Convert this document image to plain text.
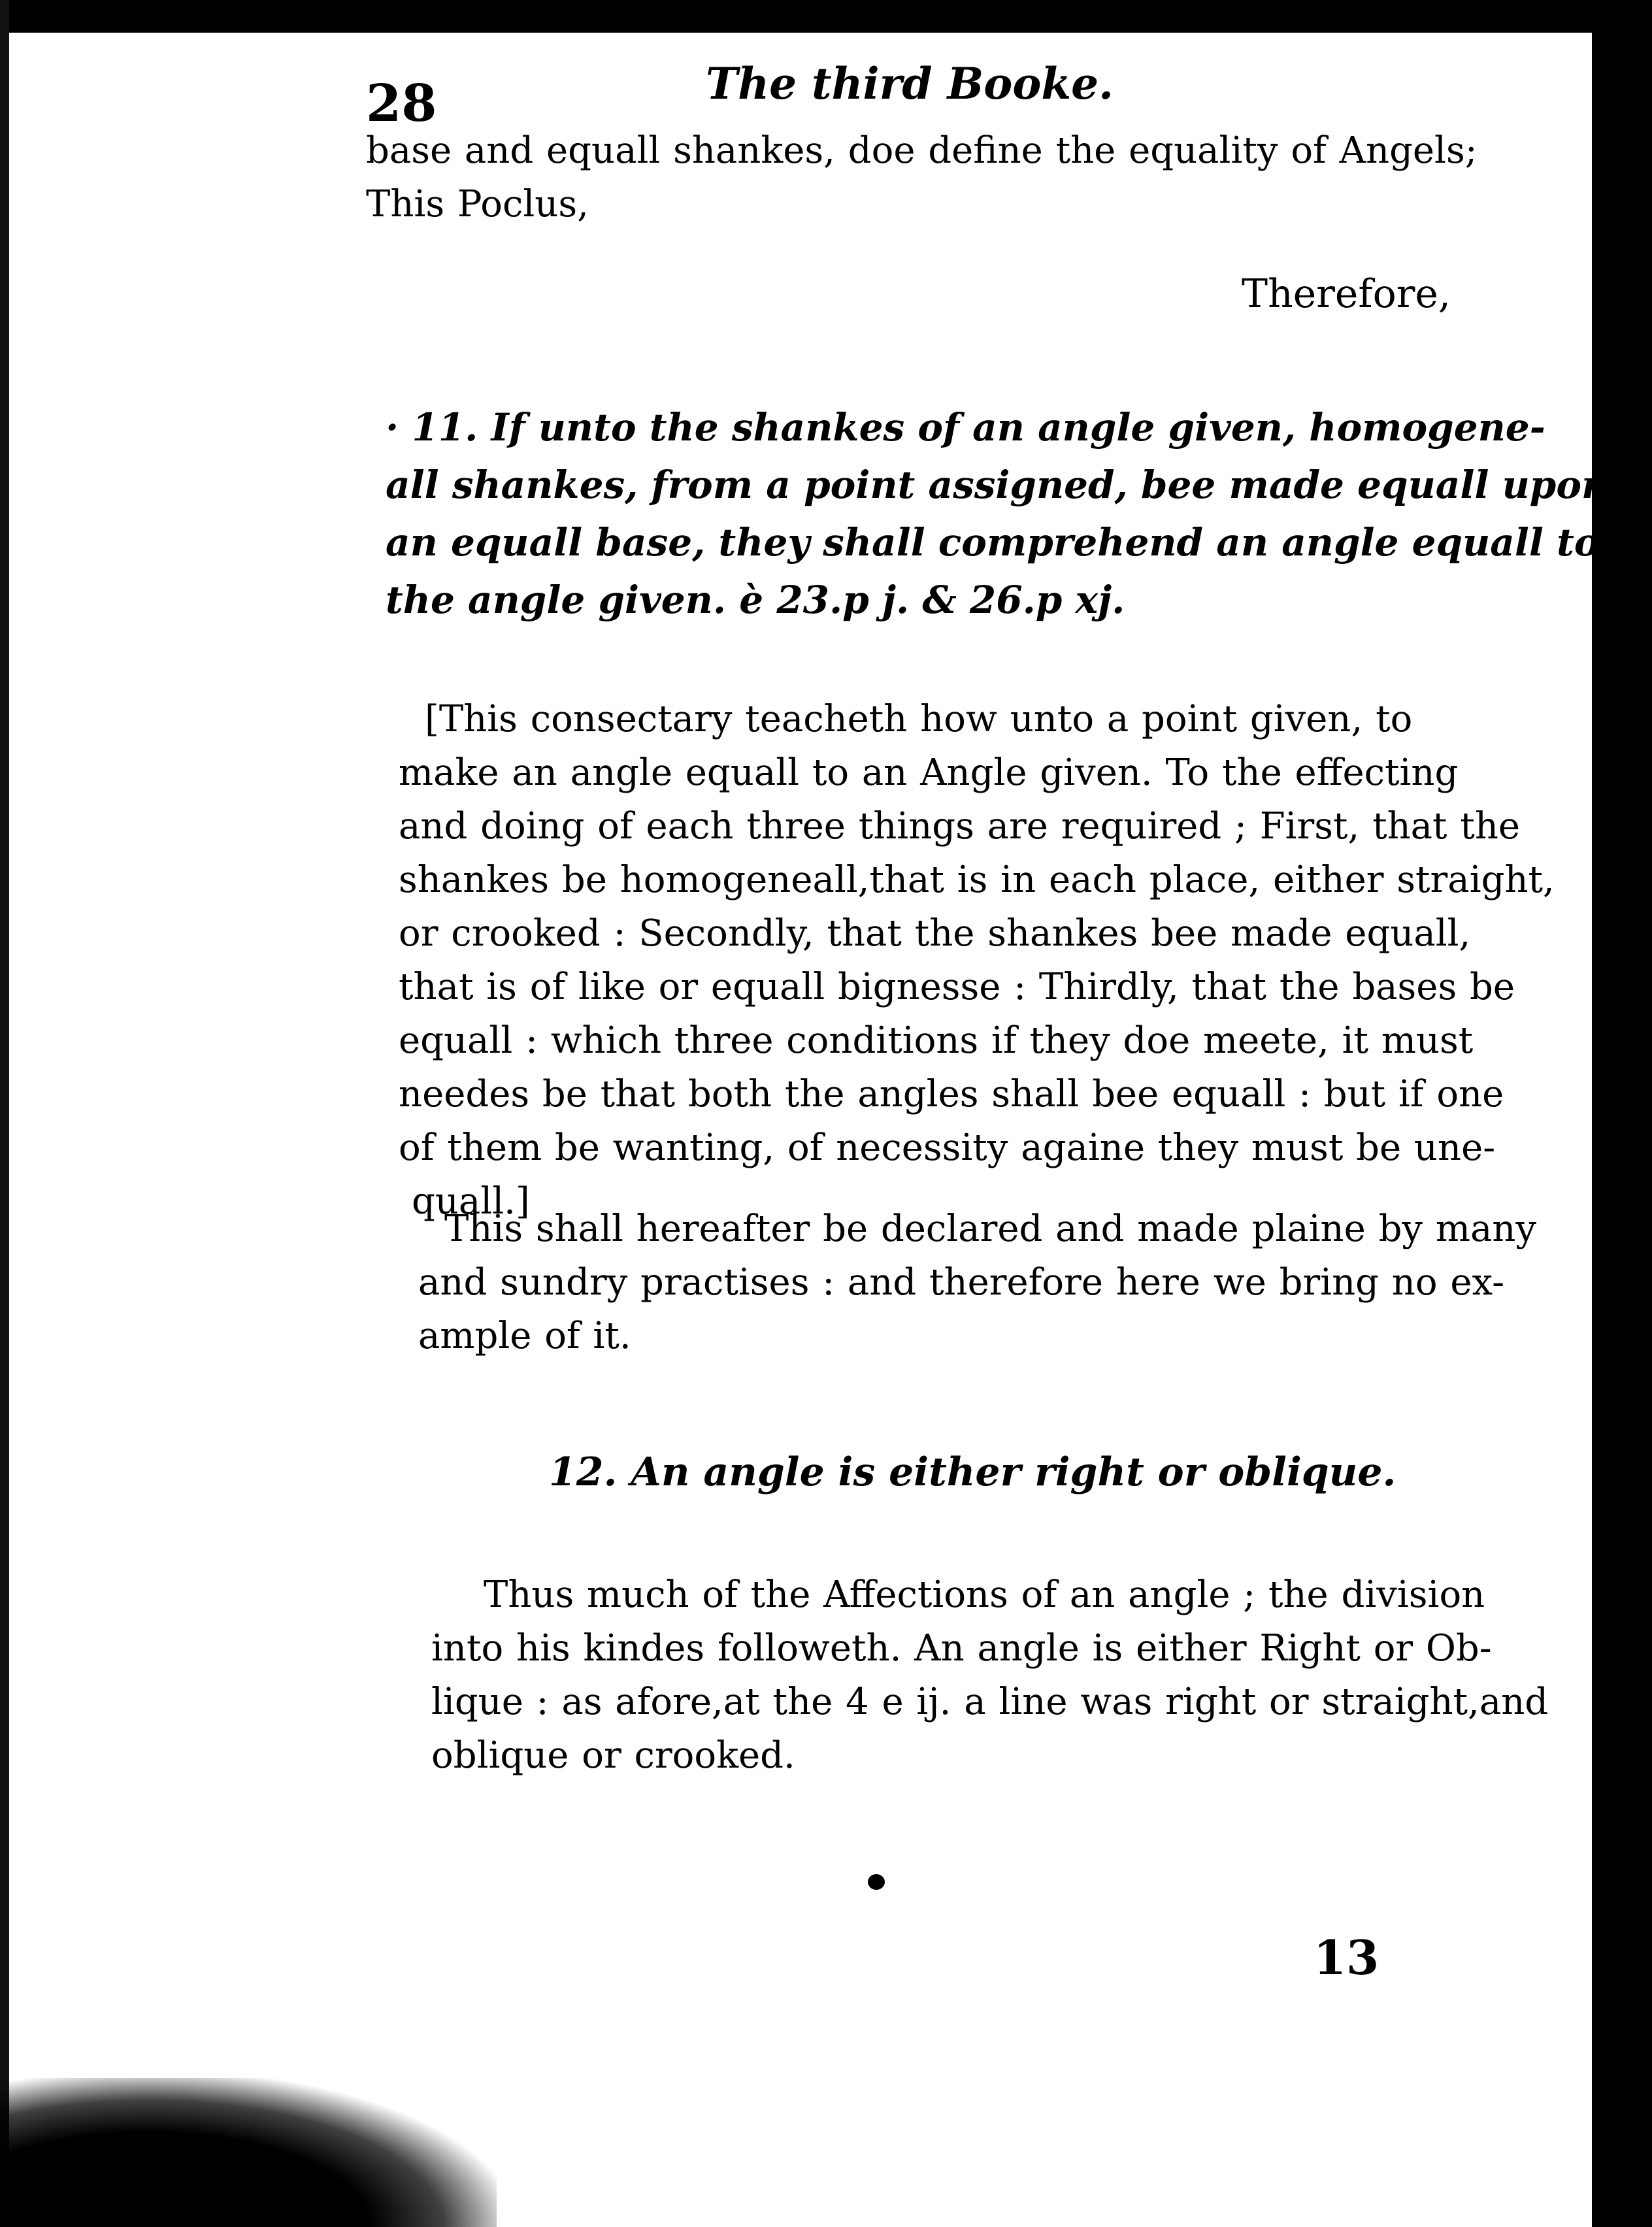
28	The third Booke.
base and equall shankes, doe define the equality of Angels;
This Poclus,
Therefore,
· 11. If unto the shankes of an angle given, homogene-
all shankes, from a point assigned, bee made equall upon
an equall base, they shall comprehend an angle equall to
the angle given. è 23.p j. & 26.p xj.
[This consectary teacheth how unto a point given, to
make an angle equall to an Angle given. To the effecting
and doing of each three things are required ; First, that the
shankes be homogeneall,that is in each place, either straight,
or crooked : Secondly, that the shankes bee made equall,
that is of like or equall bignesse : Thirdly, that the bases be
equall : which three conditions if they doe meete, it must
needes be that both the angles shall bee equall : but if one
of them be wanting, of necessity againe they must be une-
quall.]
This shall hereafter be declared and made plaine by many
and sundry practises : and therefore here we bring no ex-
ample of it.
12. An angle is either right or oblique.
Thus much of the Affections of an angle ; the division
into his kindes followeth. An angle is either Right or Ob-
lique : as afore,at the 4 e ij. a line was right or straight,and
oblique or crooked.
13
